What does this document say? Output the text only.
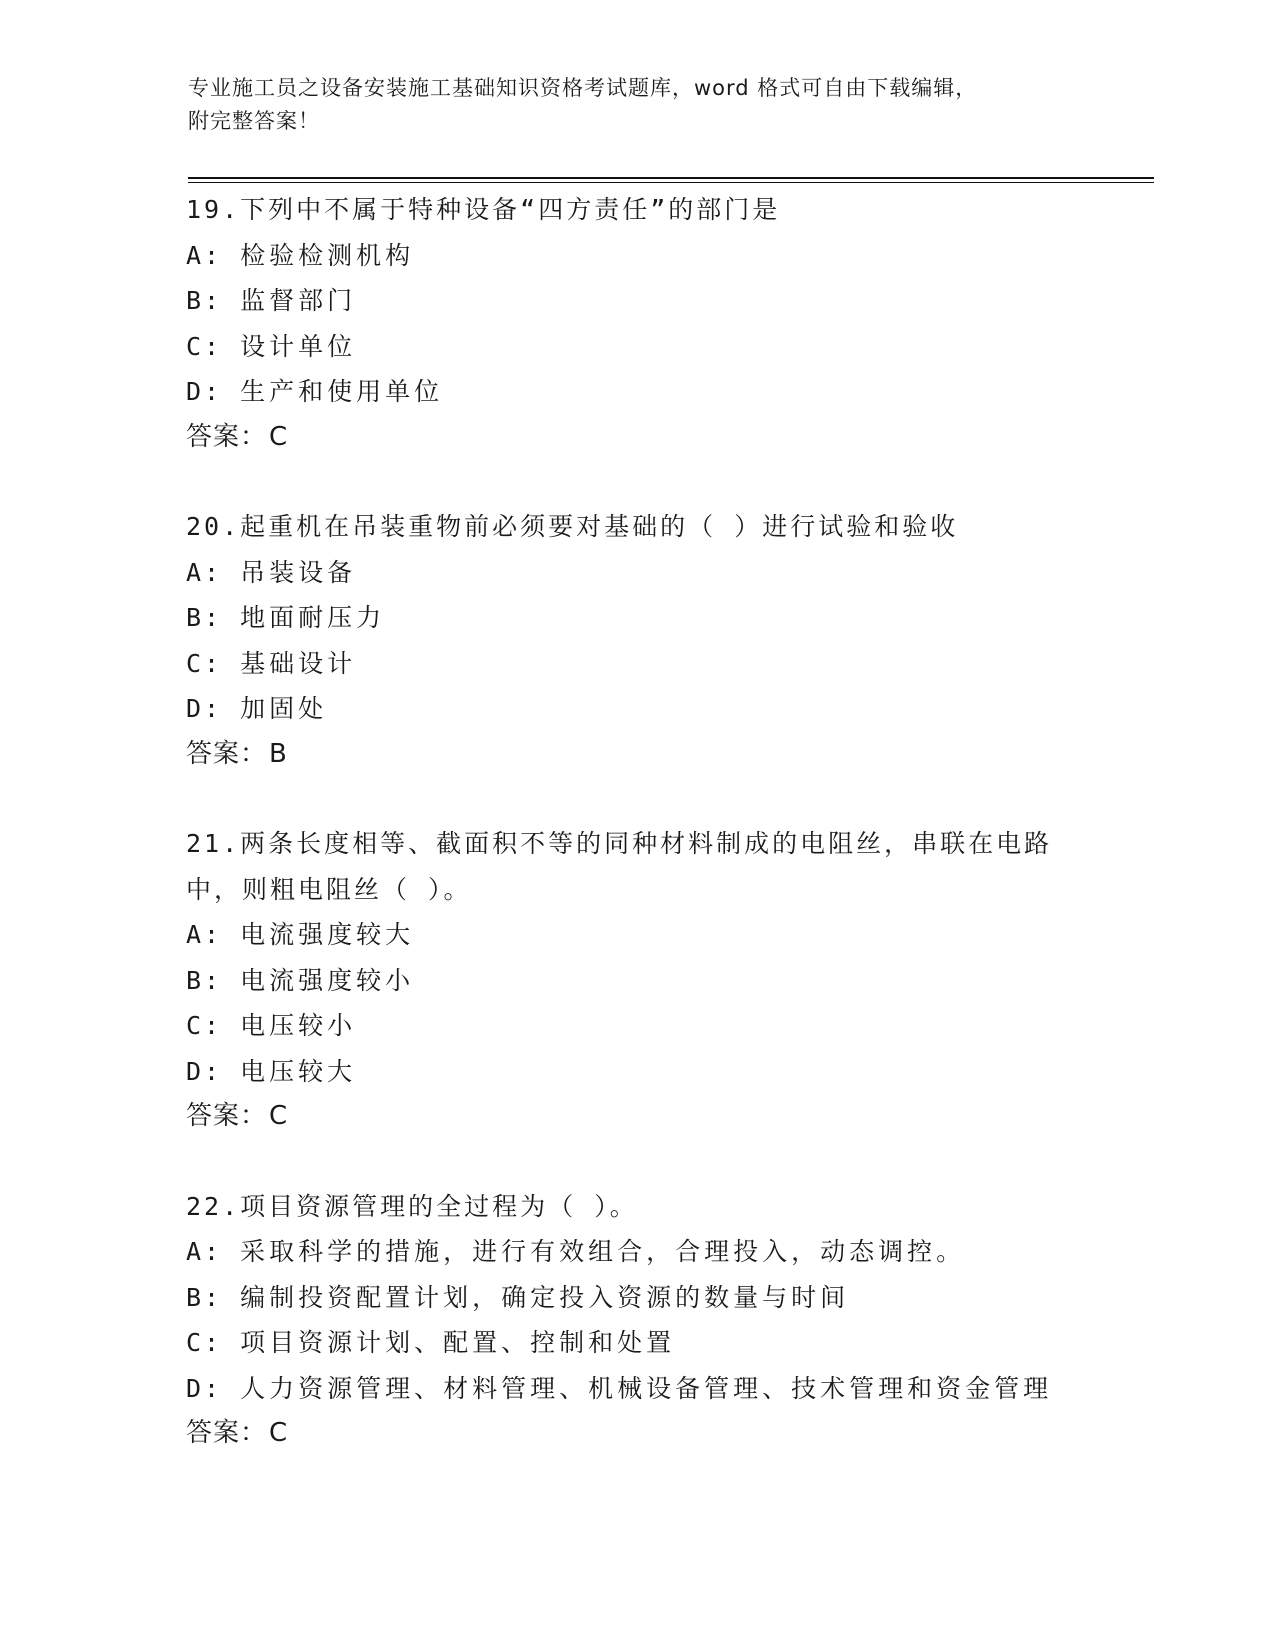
专业施工员之设备安装施工基础知识资格考试题库，word 格式可自由下载编辑，
附完整答案！
19.下列中不属于特种设备“四方责任”的部门是
A: 检验检测机构
B: 监督部门
C: 设计单位
D: 生产和使用单位
答案：C
20.起重机在吊装重物前必须要对基础的（ ）进行试验和验收
A: 吊装设备
B: 地面耐压力
C: 基础设计
D: 加固处
答案：B
21.两条长度相等、截面积不等的同种材料制成的电阻丝，串联在电路中，则粗电阻丝（ ）。
A: 电流强度较大
B: 电流强度较小
C: 电压较小
D: 电压较大
答案：C
22.项目资源管理的全过程为（ ）。
A: 采取科学的措施，进行有效组合，合理投入，动态调控。
B: 编制投资配置计划，确定投入资源的数量与时间
C: 项目资源计划、配置、控制和处置
D: 人力资源管理、材料管理、机械设备管理、技术管理和资金管理
答案：C
